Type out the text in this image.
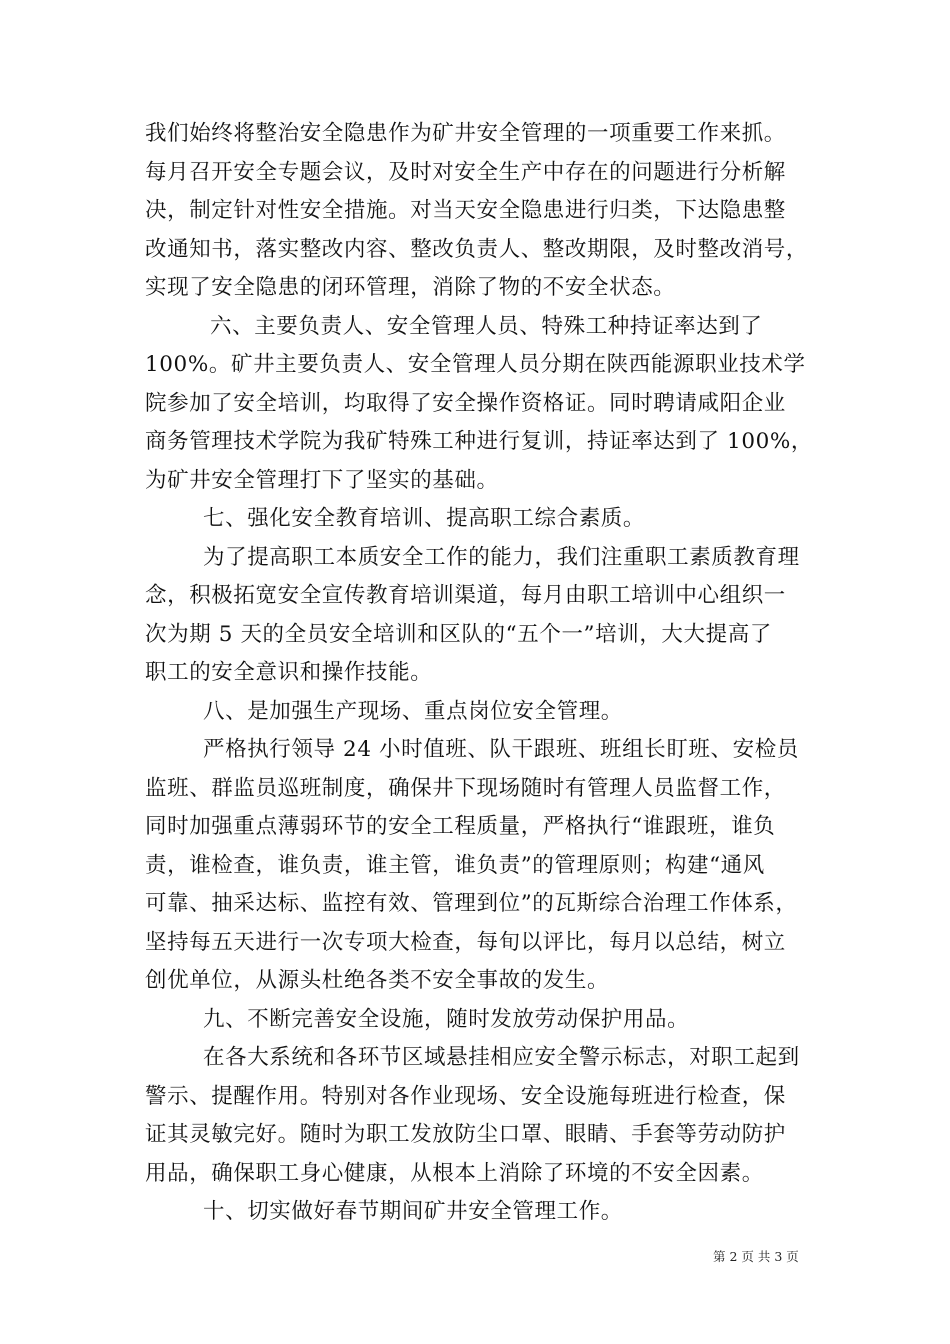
我们始终将整治安全隐患作为矿井安全管理的一项重要工作来抓。
每月召开安全专题会议，及时对安全生产中存在的问题进行分析解
决，制定针对性安全措施。对当天安全隐患进行归类，下达隐患整
改通知书，落实整改内容、整改负责人、整改期限，及时整改消号，
实现了安全隐患的闭环管理，消除了物的不安全状态。
六、主要负责人、安全管理人员、特殊工种持证率达到了
100%。矿井主要负责人、安全管理人员分期在陕西能源职业技术学
院参加了安全培训，均取得了安全操作资格证。同时聘请咸阳企业
商务管理技术学院为我矿特殊工种进行复训，持证率达到了 100%，
为矿井安全管理打下了坚实的基础。
七、强化安全教育培训、提高职工综合素质。
为了提高职工本质安全工作的能力，我们注重职工素质教育理
念，积极拓宽安全宣传教育培训渠道，每月由职工培训中心组织一
次为期 5 天的全员安全培训和区队的“五个一”培训，大大提高了
职工的安全意识和操作技能。
八、是加强生产现场、重点岗位安全管理。
严格执行领导 24 小时值班、队干跟班、班组长盯班、安检员
监班、群监员巡班制度，确保井下现场随时有管理人员监督工作，
同时加强重点薄弱环节的安全工程质量，严格执行“谁跟班，谁负
责，谁检查，谁负责，谁主管，谁负责”的管理原则；构建“通风
可靠、抽采达标、监控有效、管理到位”的瓦斯综合治理工作体系，
坚持每五天进行一次专项大检查，每旬以评比，每月以总结，树立
创优单位，从源头杜绝各类不安全事故的发生。
九、不断完善安全设施，随时发放劳动保护用品。
在各大系统和各环节区域悬挂相应安全警示标志，对职工起到
警示、提醒作用。特别对各作业现场、安全设施每班进行检查，保
证其灵敏完好。随时为职工发放防尘口罩、眼睛、手套等劳动防护
用品，确保职工身心健康，从根本上消除了环境的不安全因素。
十、切实做好春节期间矿井安全管理工作。
第 2 页 共 3 页
